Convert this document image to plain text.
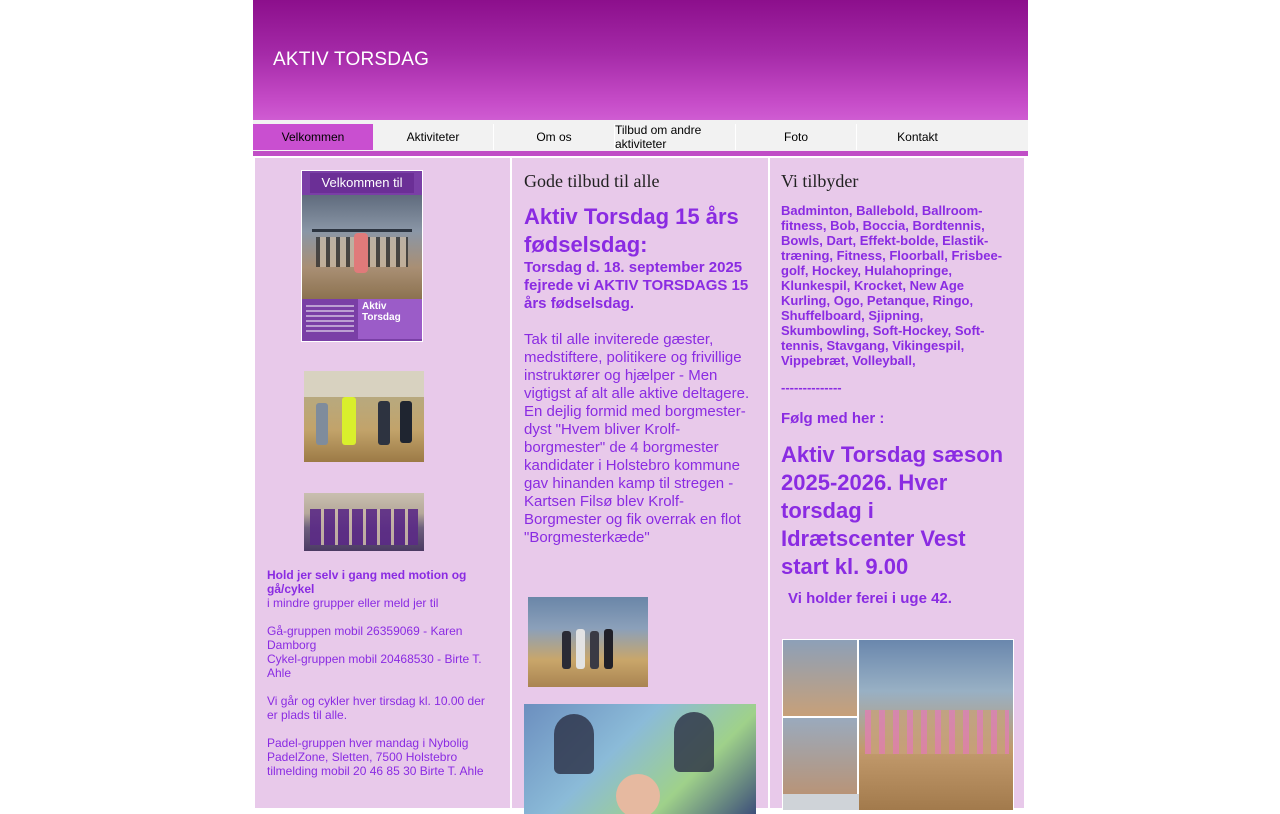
AKTIV TORSDAG
Velkommen	Aktiviteter	Om os	Tilbud om andre aktiviteter	Foto	Kontakt
Velkommen til
Aktiv Torsdag
Hold jer selv i gang med motion og gå/cykel
i mindre grupper eller meld jer til
Gå-gruppen mobil 26359069 - Karen Damborg
Cykel-gruppen mobil 20468530 - Birte T. Ahle
Vi går og cykler hver tirsdag kl. 10.00 der er plads til alle.
Padel-gruppen hver mandag i Nybolig PadelZone, Sletten, 7500 Holstebro tilmelding mobil 20 46 85 30 Birte T. Ahle
Gode tilbud til alle
Aktiv Torsdag 15 års fødselsdag:
Torsdag d. 18. september 2025 fejrede vi AKTIV TORSDAGS 15 års fødselsdag.
Tak til alle inviterede gæster, medstiftere, politikere og frivillige instruktører og hjælper - Men vigtigst af alt alle aktive deltagere.
En dejlig formid med borgmester-dyst "Hvem bliver Krolf-borgmester" de 4 borgmester kandidater i Holstebro kommune gav hinanden kamp til stregen - Kartsen Filsø blev Krolf-Borgmester og fik overrak en flot "Borgmesterkæde"
Vi tilbyder
Badminton, Ballebold, Ballroom-fitness, Bob, Boccia, Bordtennis, Bowls, Dart, Effekt-bolde, Elastik-træning, Fitness, Floorball, Frisbee-golf, Hockey, Hulahopringe, Klunkespil, Krocket, New Age Kurling, Ogo, Petanque, Ringo, Shuffelboard, Sjipning, Skumbowling, Soft-Hockey, Soft-tennis, Stavgang, Vikingespil, Vippebræt, Volleyball,
--------------
Følg med her :
Aktiv Torsdag sæson 2025-2026. Hver torsdag i Idrætscenter Vest start kl. 9.00
Vi holder ferei i uge 42.
